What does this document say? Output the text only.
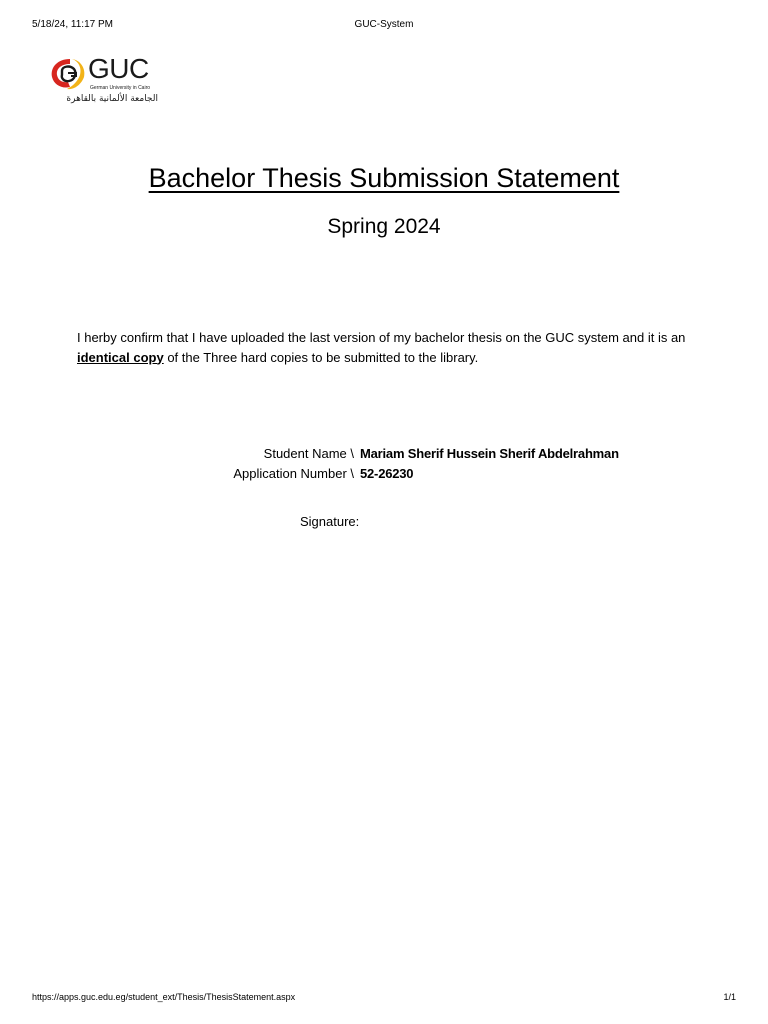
5/18/24, 11:17 PM	GUC-System
GUC
German University in Cairo
الجامعة الألمانية بالقاهرة
Bachelor Thesis Submission Statement
Spring 2024
I herby confirm that I have uploaded the last version of my bachelor thesis on the GUC system and it is an identical copy of the Three hard copies to be submitted to the library.
Student Name \ Mariam Sherif Hussein Sherif Abdelrahman
Application Number \ 52-26230
Signature:
https://apps.guc.edu.eg/student_ext/Thesis/ThesisStatement.aspx	1/1
